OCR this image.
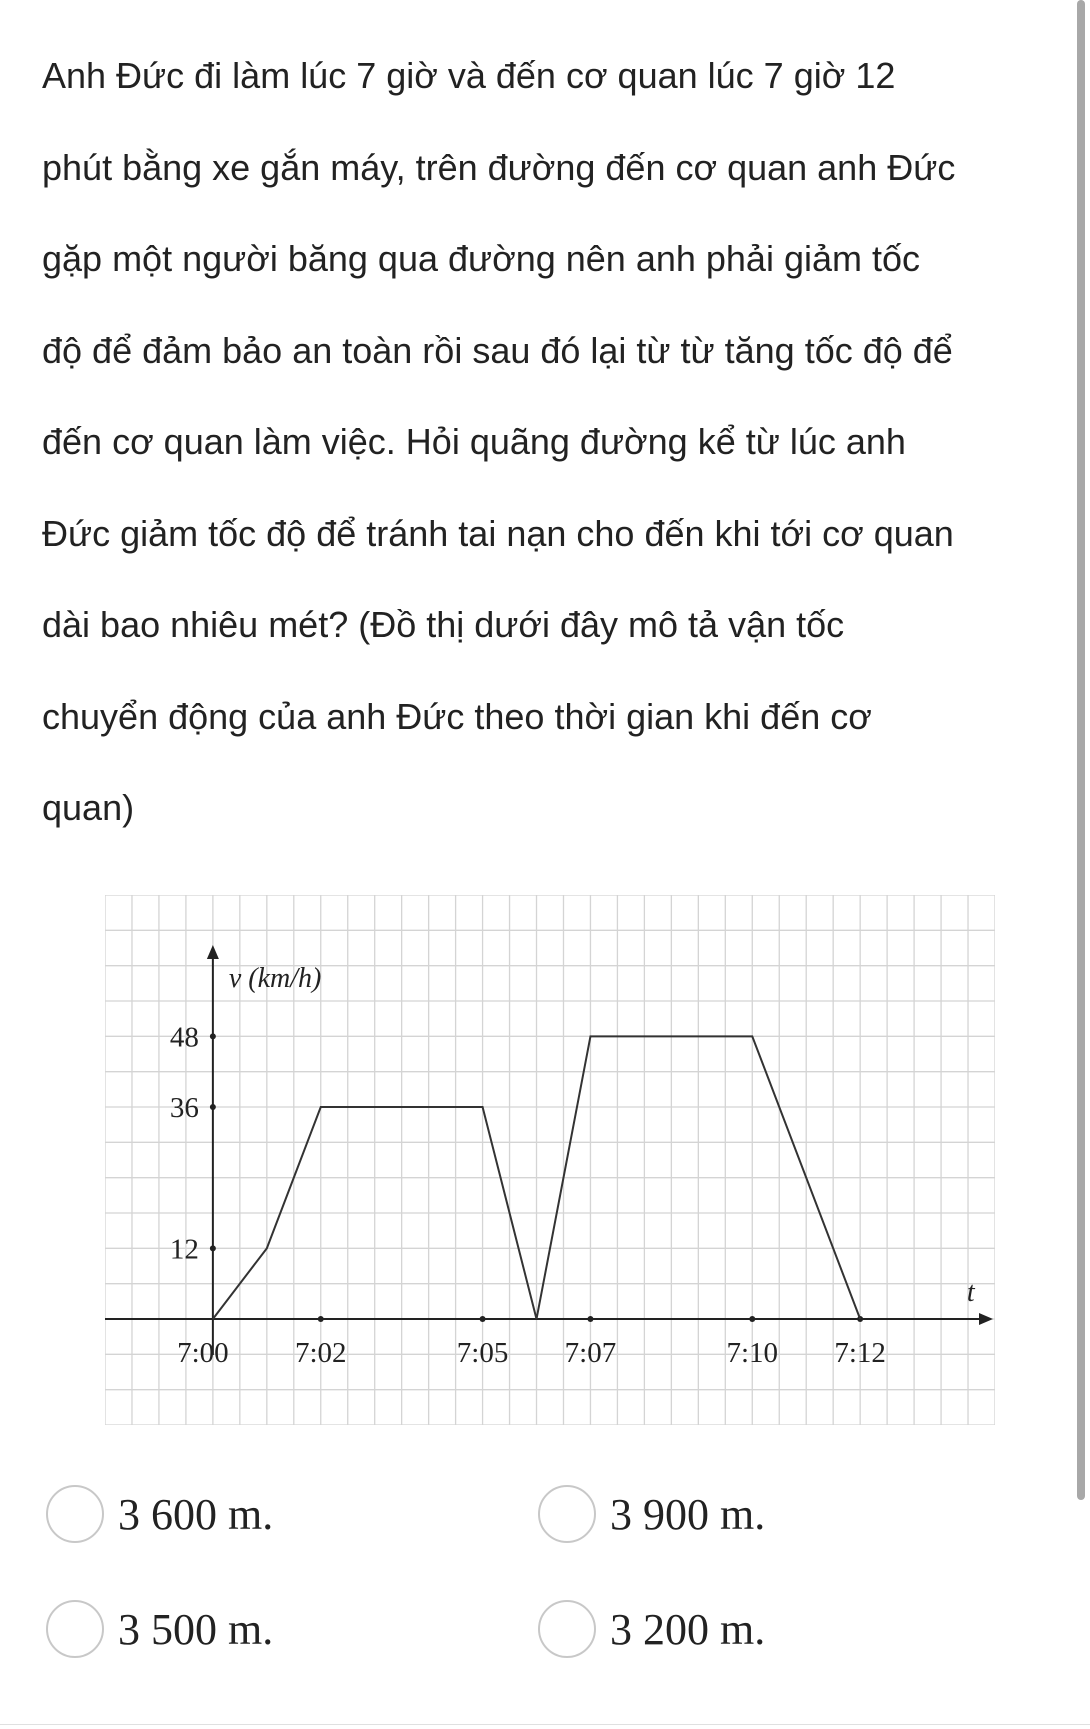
Anh Đức đi làm lúc 7 giờ và đến cơ quan lúc 7 giờ 12
phút bằng xe gắn máy, trên đường đến cơ quan anh Đức
gặp một người băng qua đường nên anh phải giảm tốc
độ để đảm bảo an toàn rồi sau đó lại từ từ tăng tốc độ để
đến cơ quan làm việc. Hỏi quãng đường kể từ lúc anh
Đức giảm tốc độ để tránh tai nạn cho đến khi tới cơ quan
dài bao nhiêu mét? (Đồ thị dưới đây mô tả vận tốc
chuyển động của anh Đức theo thời gian khi đến cơ
quan)
v (km/h)
t
7:00 7:02	7:05 7:07	7:10 7:12
12
36
48
3 600 m.	3 900 m.
3 500 m.	3 200 m.
